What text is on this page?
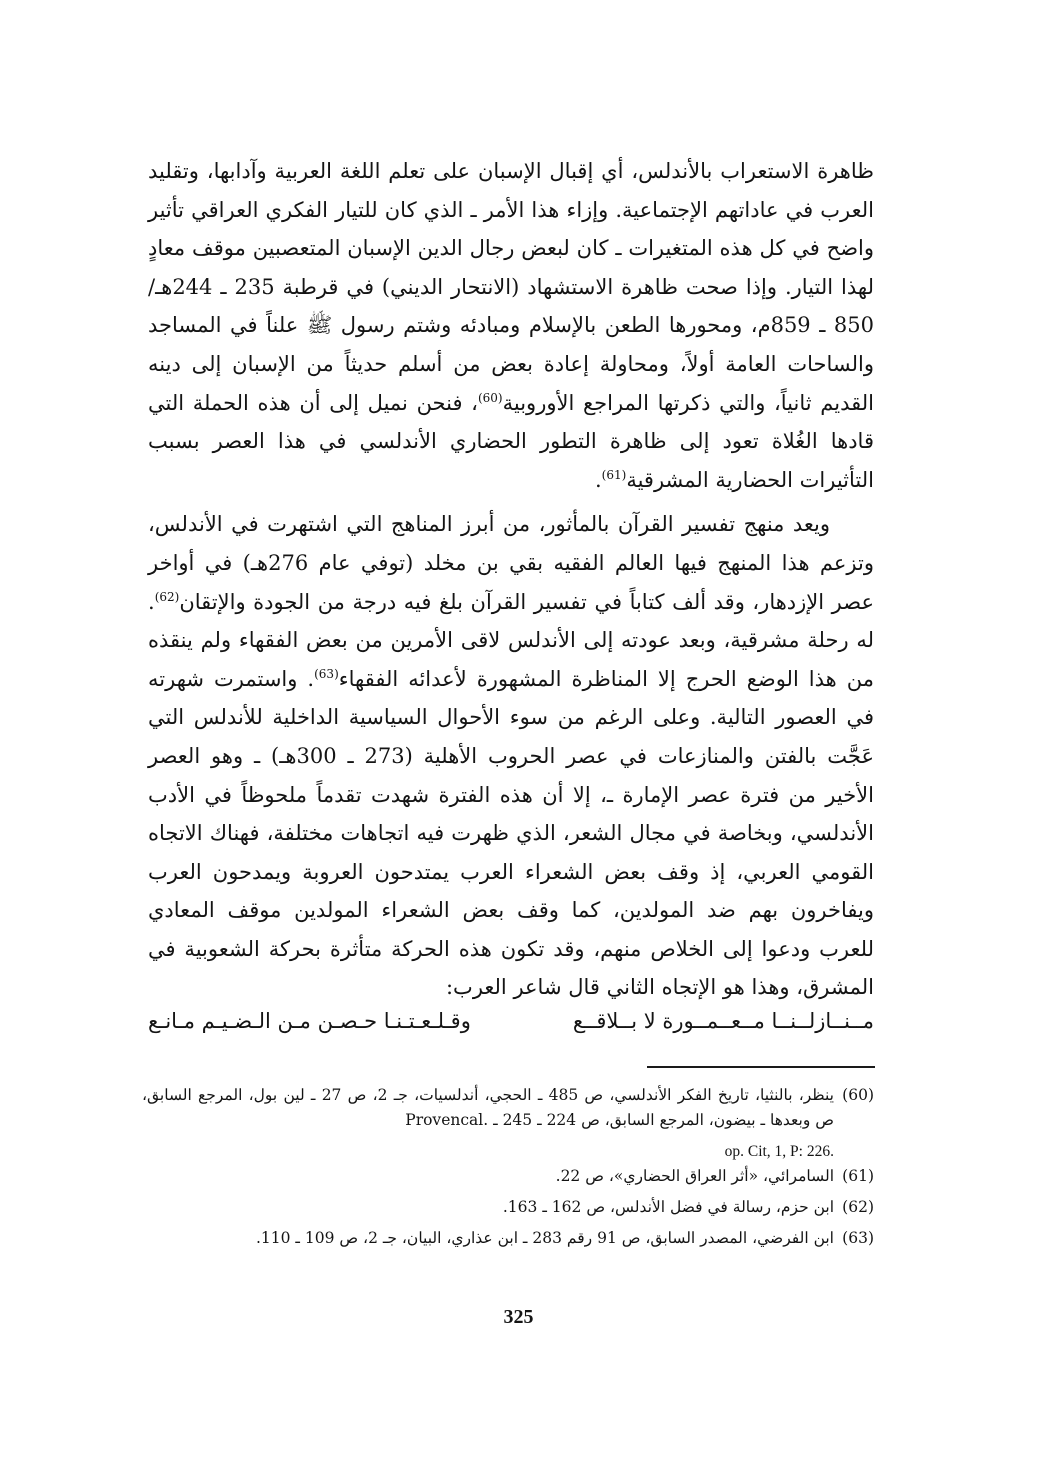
ظاهرة الاستعراب بالأندلس، أي إقبال الإسبان على تعلم اللغة العربية وآدابها، وتقليد العرب في عاداتهم الإجتماعية. وإزاء هذا الأمر ـ الذي كان للتيار الفكري العراقي تأثير واضح في كل هذه المتغيرات ـ كان لبعض رجال الدين الإسبان المتعصبين موقف معادٍ لهذا التيار. وإذا صحت ظاهرة الاستشهاد (الانتحار الديني) في قرطبة 235 ـ 244هـ/ 850 ـ 859م، ومحورها الطعن بالإسلام ومبادئه وشتم رسول ﷺ علناً في المساجد والساحات العامة أولاً، ومحاولة إعادة بعض من أسلم حديثاً من الإسبان إلى دينه القديم ثانياً، والتي ذكرتها المراجع الأوروبية$^{(60)}$، فنحن نميل إلى أن هذه الحملة التي قادها الغُلاة تعود إلى ظاهرة التطور الحضاري الأندلسي في هذا العصر بسبب التأثيرات الحضارية المشرقية$^{(61)}$.

ويعد منهج تفسير القرآن بالمأثور، من أبرز المناهج التي اشتهرت في الأندلس، وتزعم هذا المنهج فيها العالم الفقيه بقي بن مخلد (توفي عام 276هـ) في أواخر عصر الإزدهار، وقد ألف كتاباً في تفسير القرآن بلغ فيه درجة من الجودة والإتقان$^{(62)}$. له رحلة مشرقية، وبعد عودته إلى الأندلس لاقى الأمرين من بعض الفقهاء ولم ينقذه من هذا الوضع الحرج إلا المناظرة المشهورة لأعدائه الفقهاء$^{(63)}$. واستمرت شهرته في العصور التالية. وعلى الرغم من سوء الأحوال السياسية الداخلية للأندلس التي عَجَّت بالفتن والمنازعات في عصر الحروب الأهلية (273 ـ 300هـ) ـ وهو العصر الأخير من فترة عصر الإمارة ـ، إلا أن هذه الفترة شهدت تقدماً ملحوظاً في الأدب الأندلسي، وبخاصة في مجال الشعر، الذي ظهرت فيه اتجاهات مختلفة، فهناك الاتجاه القومي العربي، إذ وقف بعض الشعراء العرب يمتدحون العروبة ويمدحون العرب ويفاخرون بهم ضد المولدين، كما وقف بعض الشعراء المولدين موقف المعادي للعرب ودعوا إلى الخلاص منهم، وقد تكون هذه الحركة متأثرة بحركة الشعوبية في المشرق، وهذا هو الإتجاه الثاني قال شاعر العرب:

مــنــازلــنــا مــعــمــورة لا بــلاقــع
وقـلـعـتـنـا حـصـن مـن الـضـيـم مـانـع
(60)
ينظر، بالنثيا، تاريخ الفكر الأندلسي، ص 485 ـ الحجي، أندلسيات، جـ 2، ص 27 ـ لين بول، المرجع السابق، ص وبعدها ـ بيضون، المرجع السابق، ص 224 ـ 245 ـ .Provencal
op. Cit, 1, P: 226.
(61)
السامرائي، «أثر العراق الحضاري»، ص 22.
(62)
ابن حزم، رسالة في فضل الأندلس، ص 162 ـ 163.
(63)
ابن الفرضي، المصدر السابق، ص 91 رقم 283 ـ ابن عذاري، البيان، جـ 2، ص 109 ـ 110.
325
